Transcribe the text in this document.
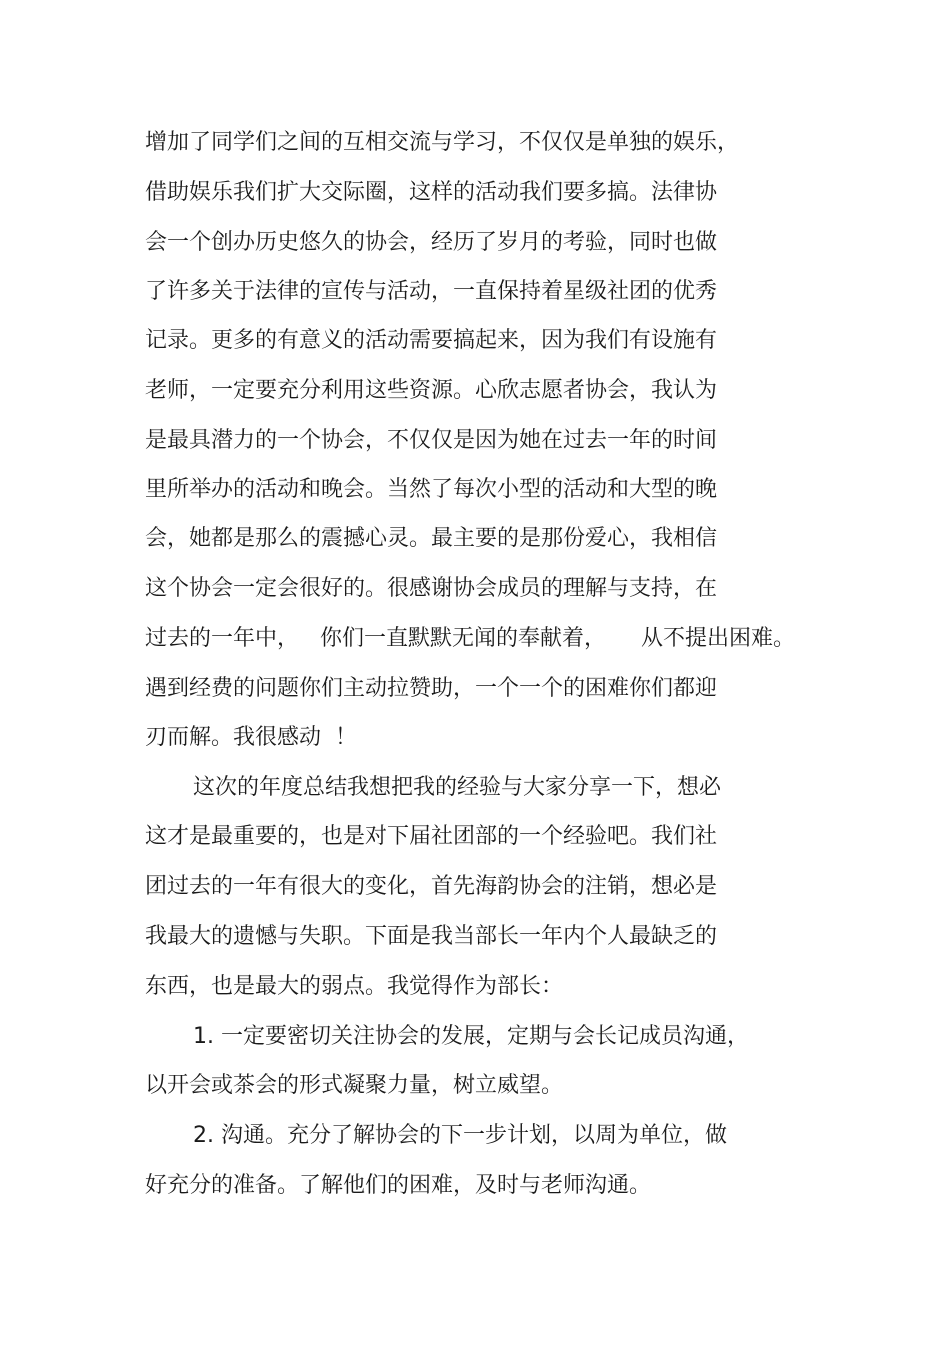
增加了同学们之间的互相交流与学习，不仅仅是单独的娱乐，

借助娱乐我们扩大交际圈，这样的活动我们要多搞。法律协

会一个创办历史悠久的协会，经历了岁月的考验，同时也做

了许多关于法律的宣传与活动，一直保持着星级社团的优秀

记录。更多的有意义的活动需要搞起来，因为我们有设施有

老师，一定要充分利用这些资源。心欣志愿者协会，我认为

是最具潜力的一个协会，不仅仅是因为她在过去一年的时间

里所举办的活动和晚会。当然了每次小型的活动和大型的晚

会，她都是那么的震撼心灵。最主要的是那份爱心，我相信

这个协会一定会很好的。很感谢协会成员的理解与支持，在

过去的一年中，   你们一直默默无闻的奉献着，     从不提出困难。

遇到经费的问题你们主动拉赞助，一个一个的困难你们都迎

刃而解。我很感动  ！

这次的年度总结我想把我的经验与大家分享一下，想必

这才是最重要的，也是对下届社团部的一个经验吧。我们社

团过去的一年有很大的变化，首先海韵协会的注销，想必是

我最大的遗憾与失职。下面是我当部长一年内个人最缺乏的

东西，也是最大的弱点。我觉得作为部长：

1. 一定要密切关注协会的发展，定期与会长记成员沟通，

以开会或茶会的形式凝聚力量，树立威望。

2. 沟通。充分了解协会的下一步计划，以周为单位，做

好充分的准备。了解他们的困难，及时与老师沟通。
